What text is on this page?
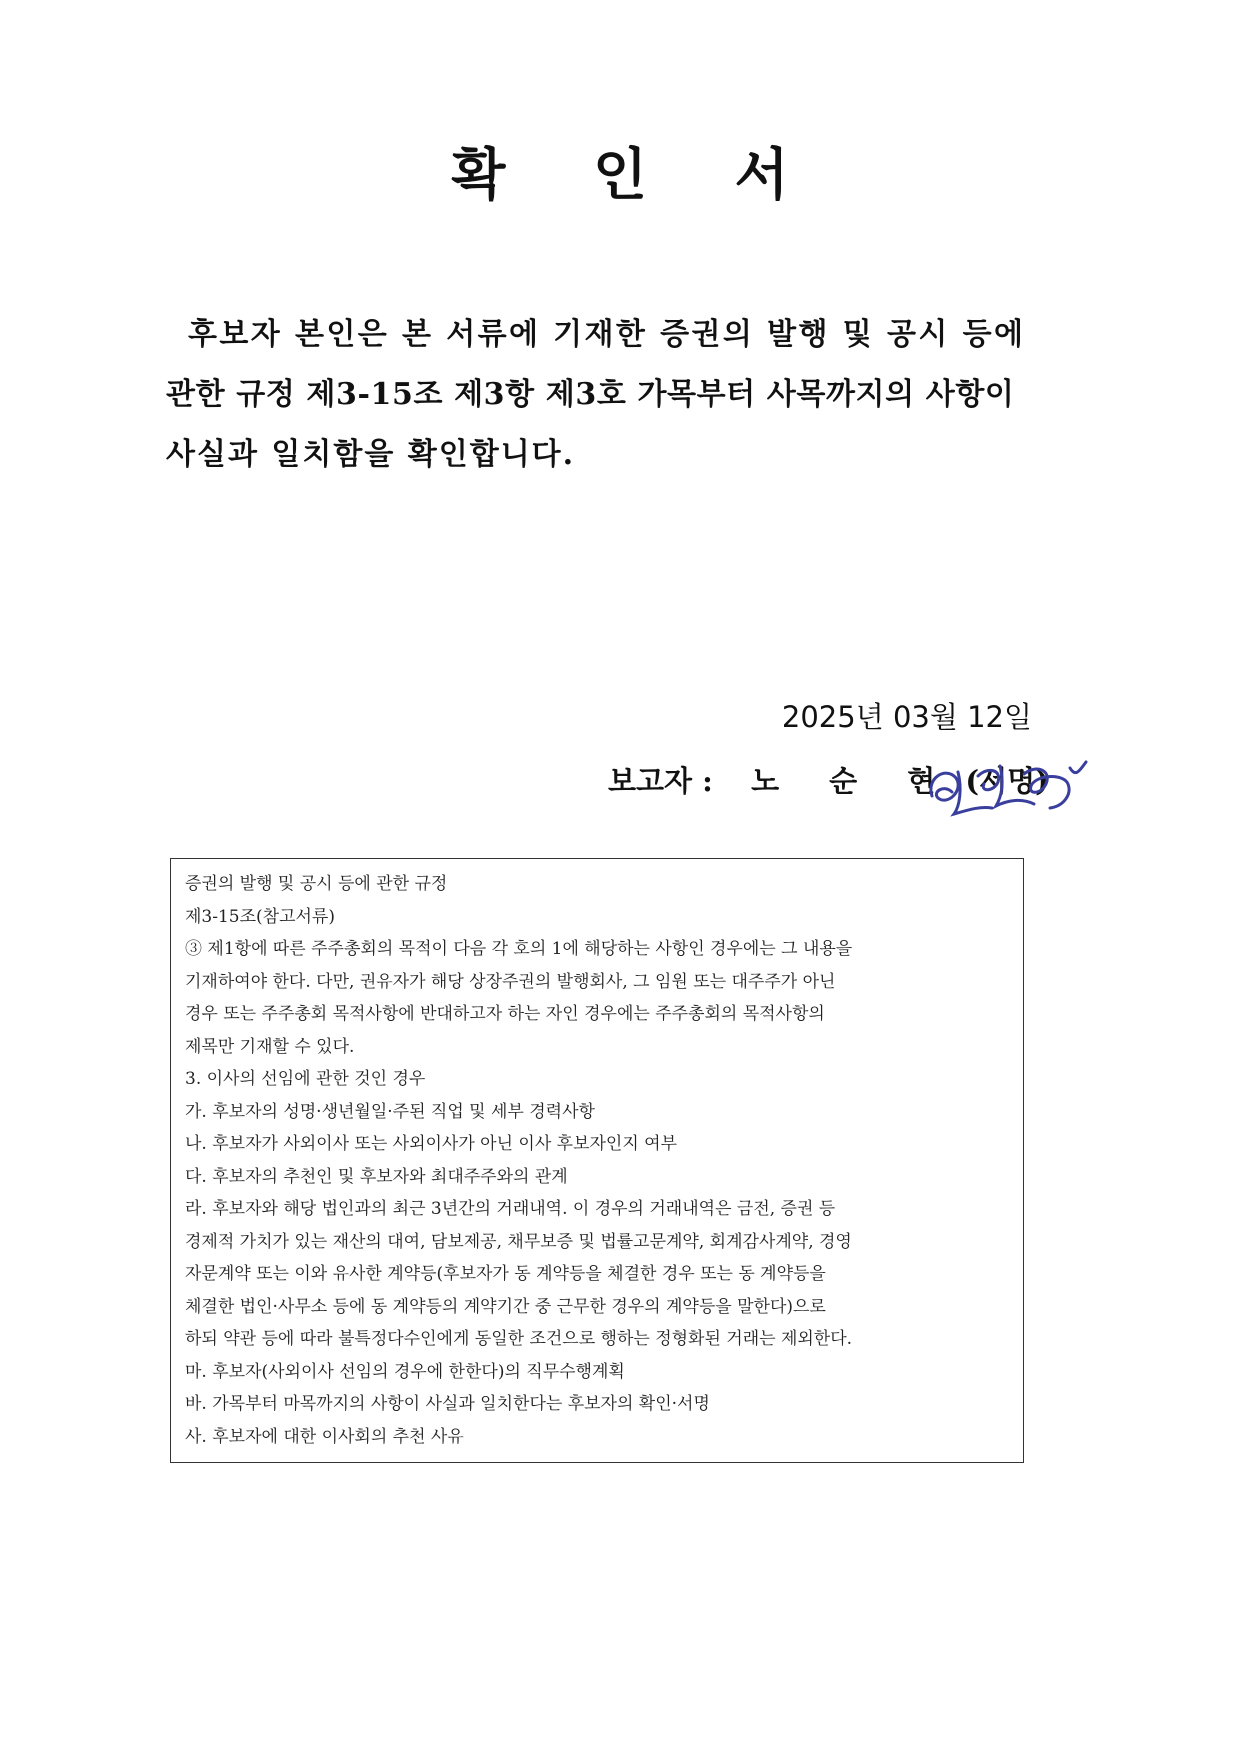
확 인 서
후보자 본인은 본 서류에 기재한 증권의 발행 및 공시 등에
관한 규정 제3-15조 제3항 제3호 가목부터 사목까지의 사항이
사실과 일치함을 확인합니다.
2025년 03월 12일
보고자 : 노 순 현 (서명)
증권의 발행 및 공시 등에 관한 규정
제3-15조(참고서류)
③ 제1항에 따른 주주총회의 목적이 다음 각 호의 1에 해당하는 사항인 경우에는 그 내용을
기재하여야 한다. 다만, 권유자가 해당 상장주권의 발행회사, 그 임원 또는 대주주가 아닌
경우 또는 주주총회 목적사항에 반대하고자 하는 자인 경우에는 주주총회의 목적사항의
제목만 기재할 수 있다.
3. 이사의 선임에 관한 것인 경우
가. 후보자의 성명·생년월일·주된 직업 및 세부 경력사항
나. 후보자가 사외이사 또는 사외이사가 아닌 이사 후보자인지 여부
다. 후보자의 추천인 및 후보자와 최대주주와의 관계
라. 후보자와 해당 법인과의 최근 3년간의 거래내역. 이 경우의 거래내역은 금전, 증권 등
경제적 가치가 있는 재산의 대여, 담보제공, 채무보증 및 법률고문계약, 회계감사계약, 경영
자문계약 또는 이와 유사한 계약등(후보자가 동 계약등을 체결한 경우 또는 동 계약등을
체결한 법인·사무소 등에 동 계약등의 계약기간 중 근무한 경우의 계약등을 말한다)으로
하되 약관 등에 따라 불특정다수인에게 동일한 조건으로 행하는 정형화된 거래는 제외한다.
마. 후보자(사외이사 선임의 경우에 한한다)의 직무수행계획
바. 가목부터 마목까지의 사항이 사실과 일치한다는 후보자의 확인·서명
사. 후보자에 대한 이사회의 추천 사유
